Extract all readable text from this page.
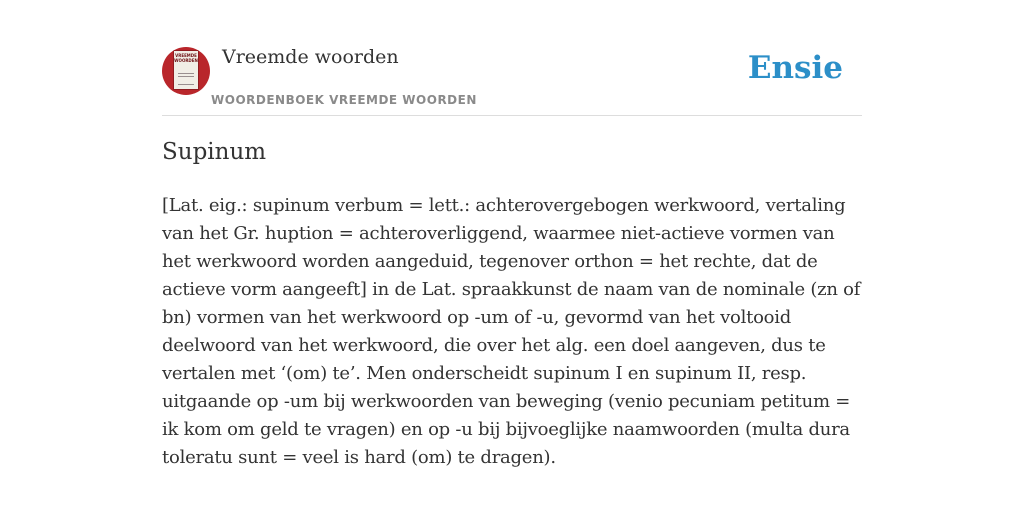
VREEMDE WOORDEN Vreemde woorden
WOORDENBOEK VREEMDE WOORDEN
Ensie
Supinum

[Lat. eig.: supinum verbum = lett.: achterovergebogen werkwoord, vertaling van het Gr. huption = achteroverliggend, waarmee niet-actieve vormen van het werkwoord worden aangeduid, tegenover orthon = het rechte, dat de actieve vorm aangeeft] in de Lat. spraakkunst de naam van de nominale (zn of bn) vormen van het werkwoord op -um of -u, gevormd van het voltooid deelwoord van het werkwoord, die over het alg. een doel aangeven, dus te vertalen met ‘(om) te’. Men onderscheidt supinum I en supinum II, resp. uitgaande op -um bij werkwoorden van beweging (venio pecuniam petitum = ik kom om geld te vragen) en op -u bij bijvoeglijke naamwoorden (multa dura toleratu sunt = veel is hard (om) te dragen).
